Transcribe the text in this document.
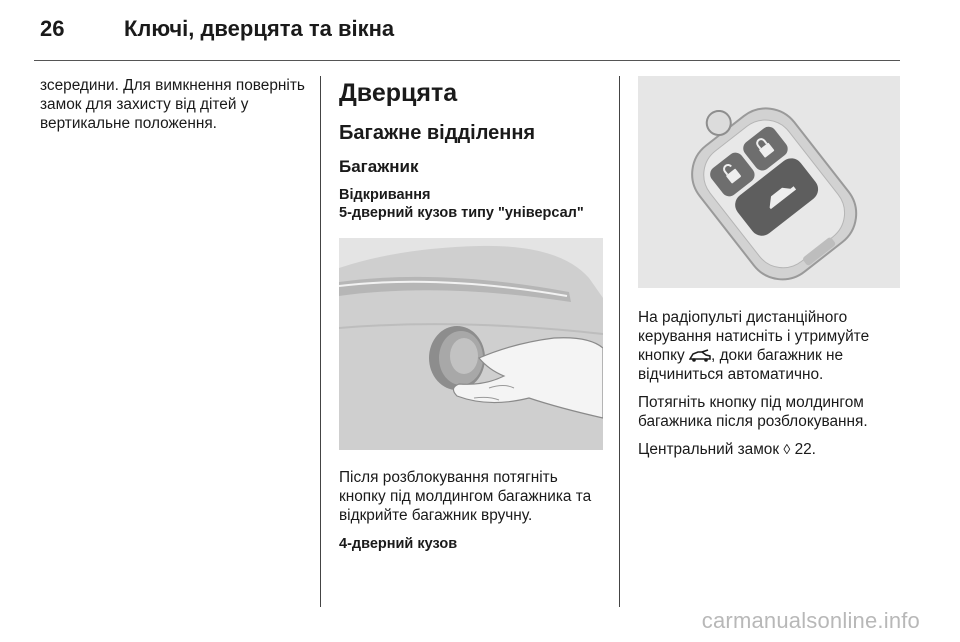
26	Ключі, дверцята та вікна

зсередини. Для вимкнення поверніть замок для захисту від дітей у вертикальне положення.

Дверцята
Багажне відділення
Багажник
Відкривання
5-дверний кузов типу "універсал"

Після розблокування потягніть кнопку під молдингом багажника та відкрийте багажник вручну.

4-дверний кузов

На радіопульті дистанційного керування натисніть і утримуйте кнопку , доки багажник не відчиниться автоматично.

Потягніть кнопку під молдингом багажника після розблокування.

Центральний замок ◊ 22.

carmanualsonline.info
